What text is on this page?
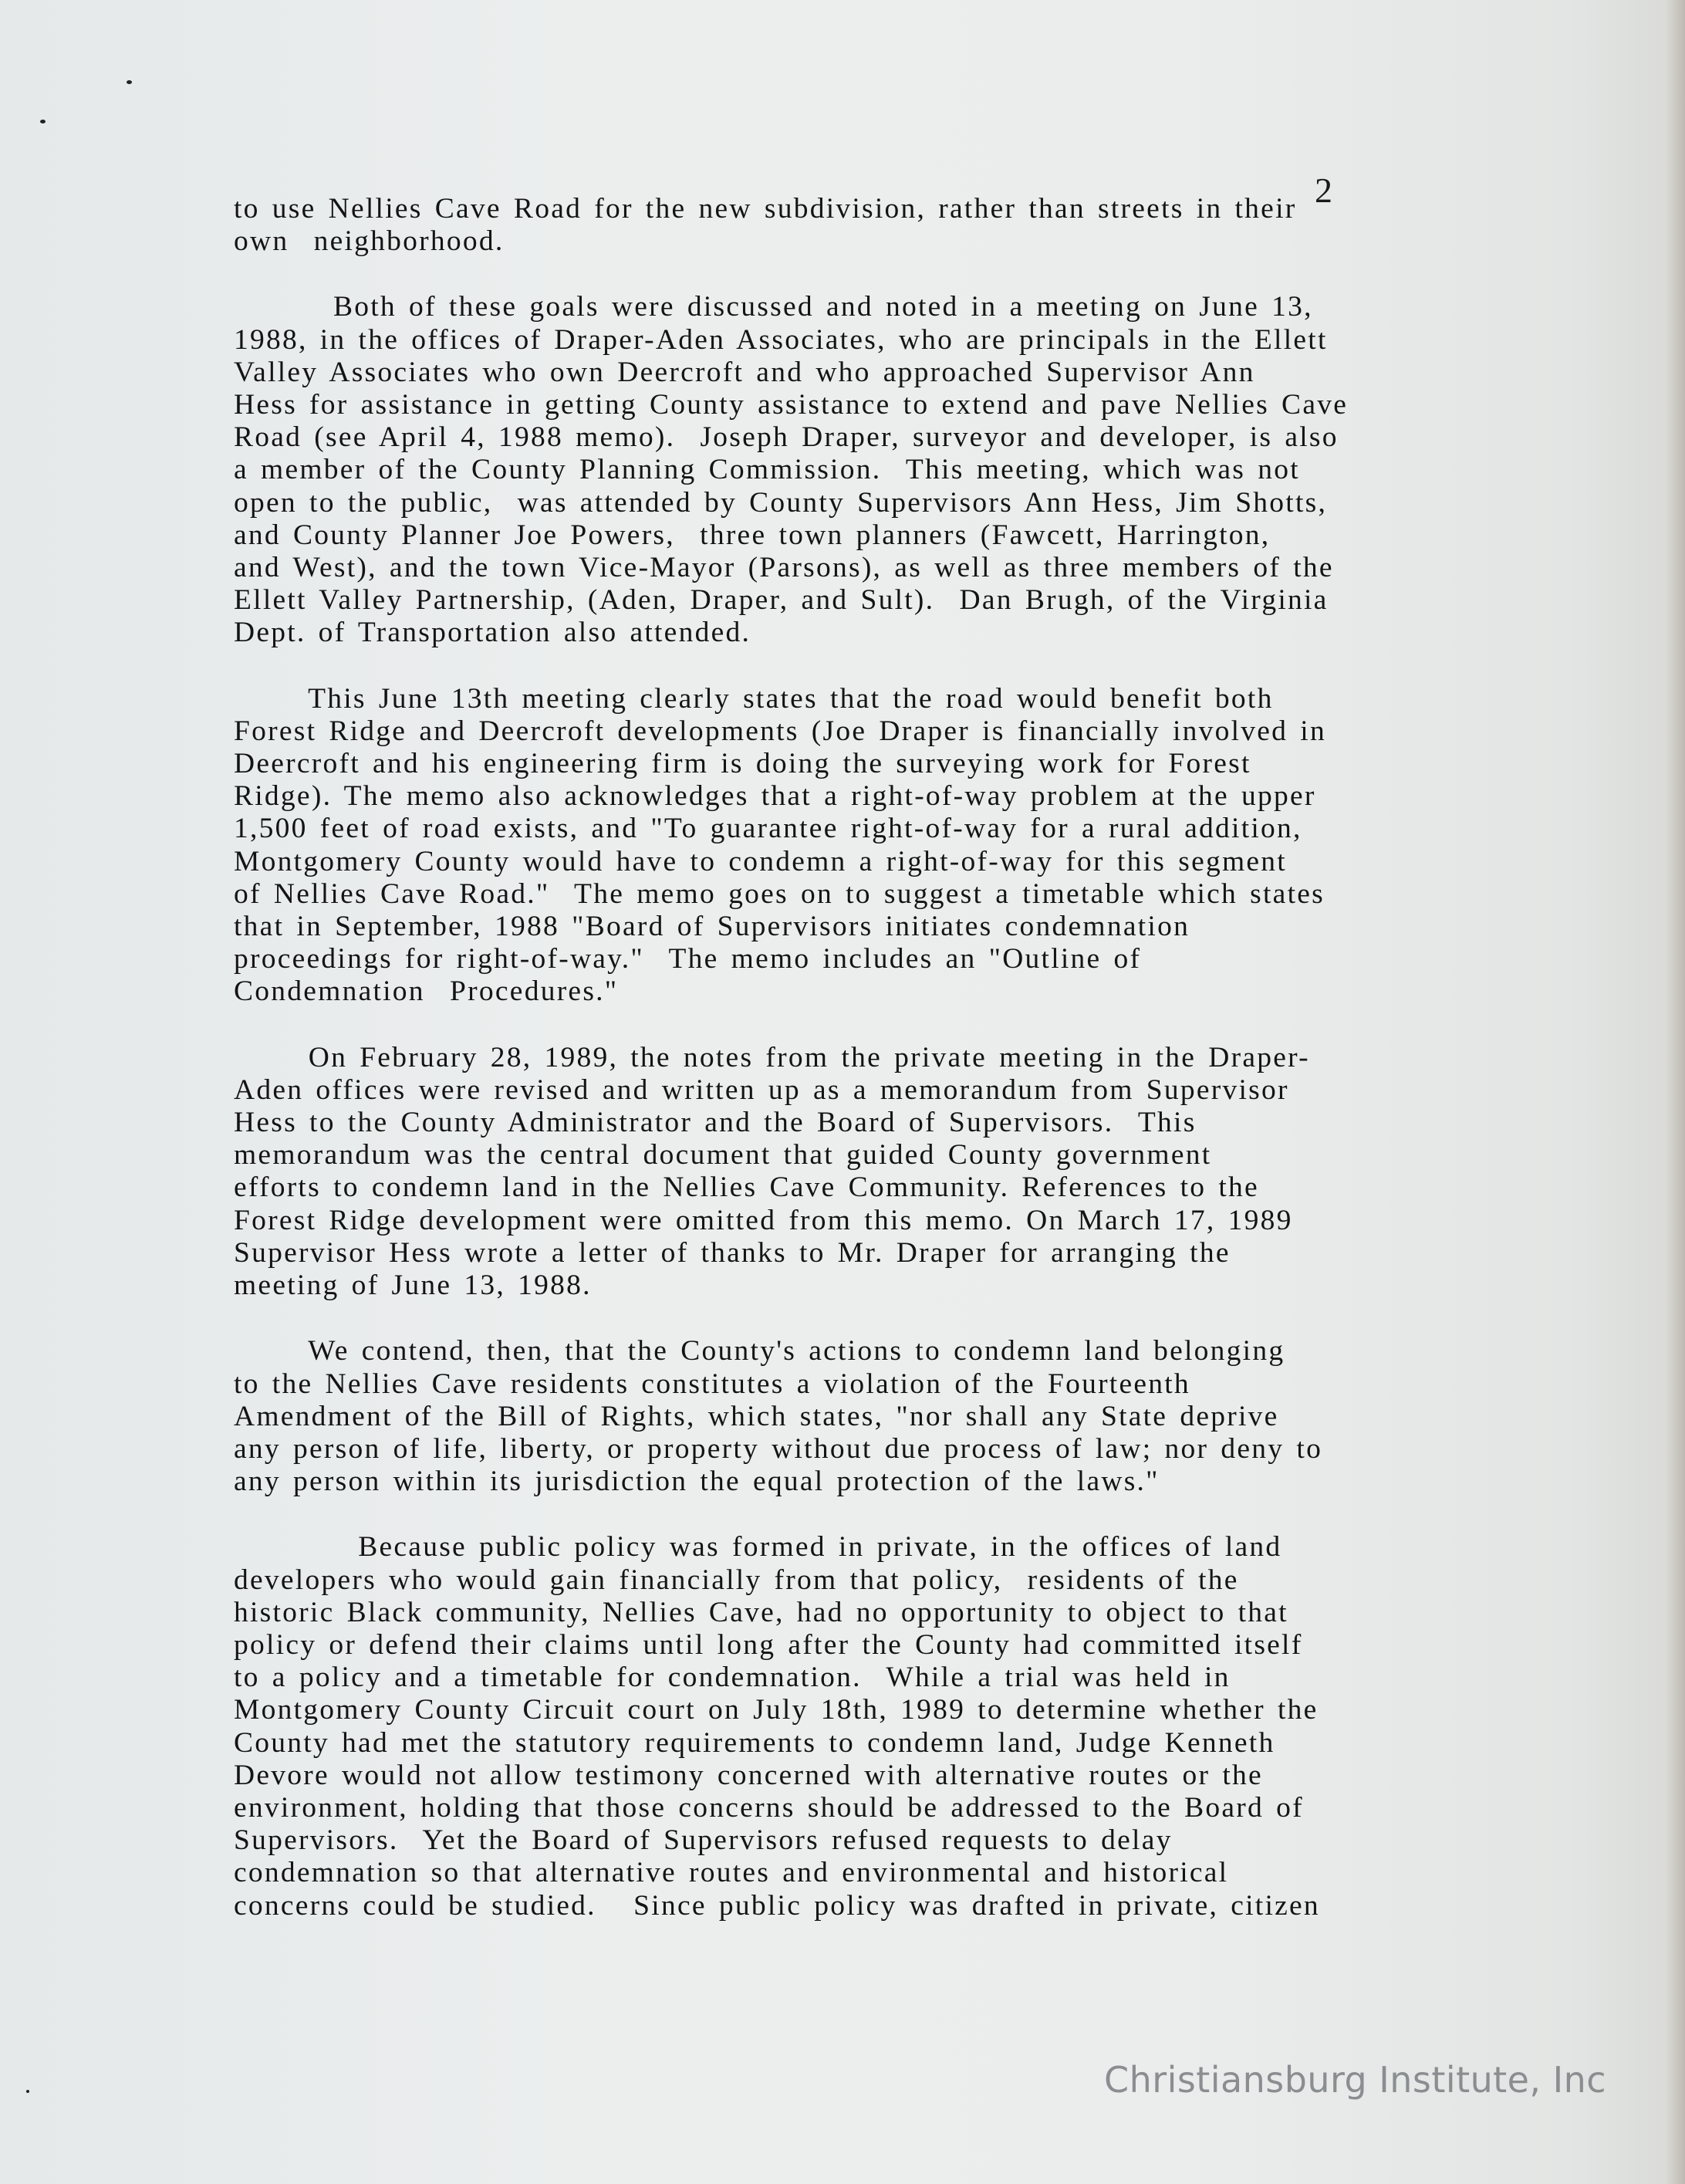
2

to use Nellies Cave Road for the new subdivision, rather than streets in their
own  neighborhood.

Both of these goals were discussed and noted in a meeting on June 13,
1988, in the offices of Draper-Aden Associates, who are principals in the Ellett
Valley Associates who own Deercroft and who approached Supervisor Ann
Hess for assistance in getting County assistance to extend and pave Nellies Cave
Road (see April 4, 1988 memo).  Joseph Draper, surveyor and developer, is also
a member of the County Planning Commission.  This meeting, which was not
open to the public,  was attended by County Supervisors Ann Hess, Jim Shotts,
and County Planner Joe Powers,  three town planners (Fawcett, Harrington,
and West), and the town Vice-Mayor (Parsons), as well as three members of the
Ellett Valley Partnership, (Aden, Draper, and Sult).  Dan Brugh, of the Virginia
Dept. of Transportation also attended.

This June 13th meeting clearly states that the road would benefit both
Forest Ridge and Deercroft developments (Joe Draper is financially involved in
Deercroft and his engineering firm is doing the surveying work for Forest
Ridge). The memo also acknowledges that a right-of-way problem at the upper
1,500 feet of road exists, and "To guarantee right-of-way for a rural addition,
Montgomery County would have to condemn a right-of-way for this segment
of Nellies Cave Road."  The memo goes on to suggest a timetable which states
that in September, 1988 "Board of Supervisors initiates condemnation
proceedings for right-of-way."  The memo includes an "Outline of
Condemnation  Procedures."

On February 28, 1989, the notes from the private meeting in the Draper-
Aden offices were revised and written up as a memorandum from Supervisor
Hess to the County Administrator and the Board of Supervisors.  This
memorandum was the central document that guided County government
efforts to condemn land in the Nellies Cave Community. References to the
Forest Ridge development were omitted from this memo. On March 17, 1989
Supervisor Hess wrote a letter of thanks to Mr. Draper for arranging the
meeting of June 13, 1988.

We contend, then, that the County's actions to condemn land belonging
to the Nellies Cave residents constitutes a violation of the Fourteenth
Amendment of the Bill of Rights, which states, "nor shall any State deprive
any person of life, liberty, or property without due process of law; nor deny to
any person within its jurisdiction the equal protection of the laws."

Because public policy was formed in private, in the offices of land
developers who would gain financially from that policy,  residents of the
historic Black community, Nellies Cave, had no opportunity to object to that
policy or defend their claims until long after the County had committed itself
to a policy and a timetable for condemnation.  While a trial was held in
Montgomery County Circuit court on July 18th, 1989 to determine whether the
County had met the statutory requirements to condemn land, Judge Kenneth
Devore would not allow testimony concerned with alternative routes or the
environment, holding that those concerns should be addressed to the Board of
Supervisors.  Yet the Board of Supervisors refused requests to delay
condemnation so that alternative routes and environmental and historical
concerns could be studied.   Since public policy was drafted in private, citizen

Christiansburg Institute, Inc
